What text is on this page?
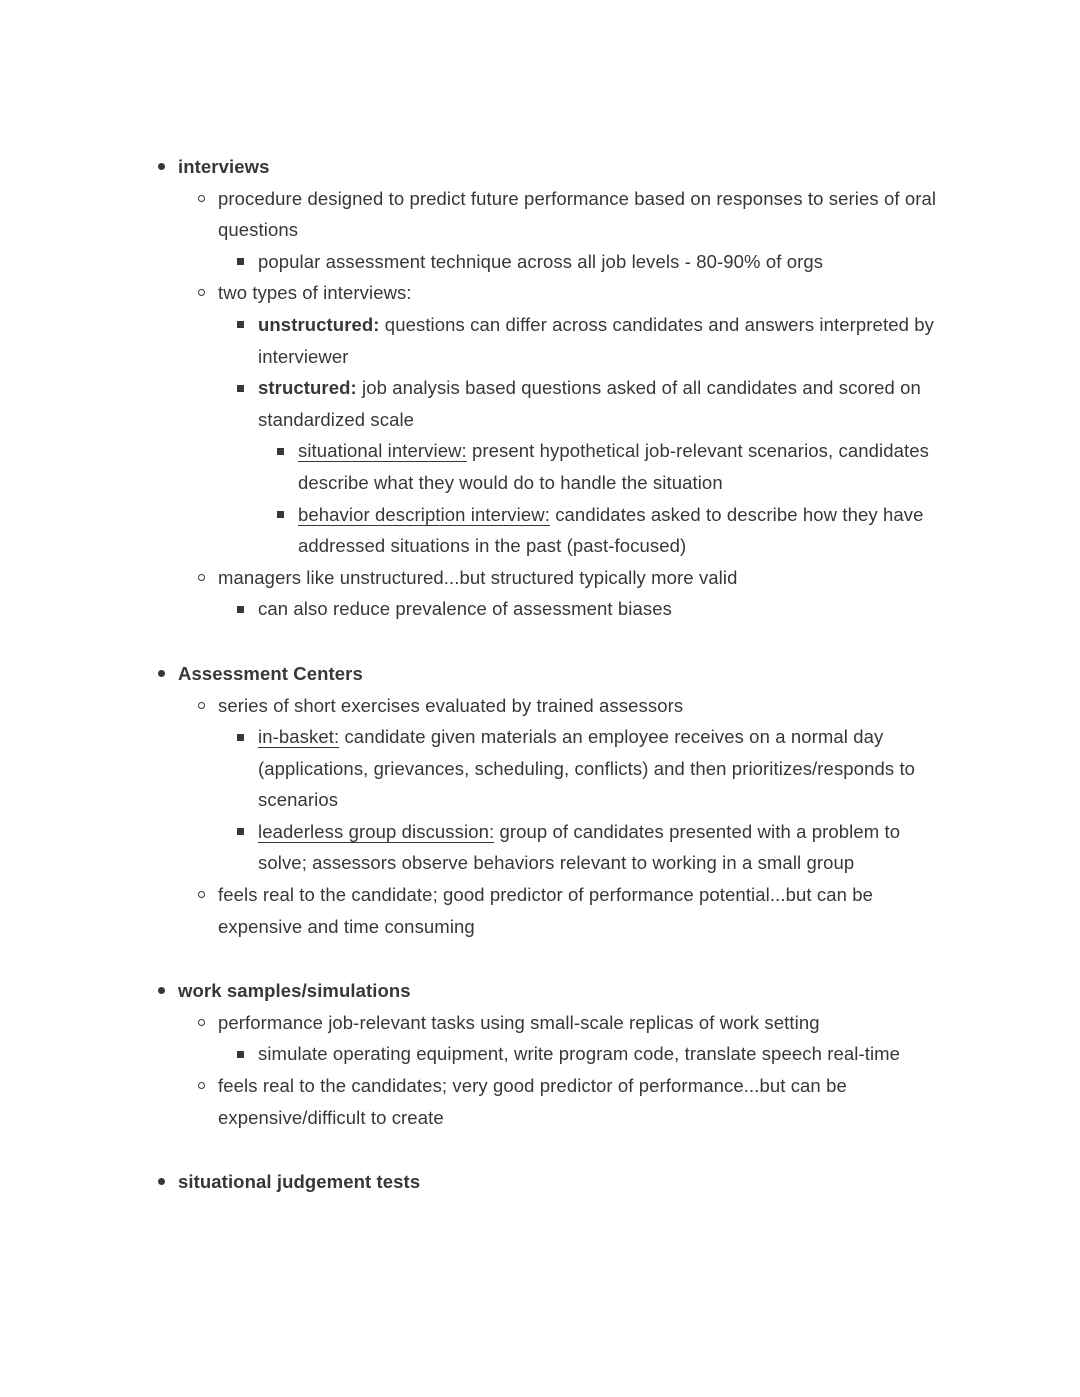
interviews
procedure designed to predict future performance based on responses to series of oral questions
popular assessment technique across all job levels - 80-90% of orgs
two types of interviews:
unstructured: questions can differ across candidates and answers interpreted by interviewer
structured: job analysis based questions asked of all candidates and scored on standardized scale
situational interview: present hypothetical job-relevant scenarios, candidates describe what they would do to handle the situation
behavior description interview: candidates asked to describe how they have addressed situations in the past (past-focused)
managers like unstructured...but structured typically more valid
can also reduce prevalence of assessment biases
Assessment Centers
series of short exercises evaluated by trained assessors
in-basket: candidate given materials an employee receives on a normal day (applications, grievances, scheduling, conflicts) and then prioritizes/responds to scenarios
leaderless group discussion: group of candidates presented with a problem to solve; assessors observe behaviors relevant to working in a small group
feels real to the candidate; good predictor of performance potential...but can be expensive and time consuming
work samples/simulations
performance job-relevant tasks using small-scale replicas of work setting
simulate operating equipment, write program code, translate speech real-time
feels real to the candidates; very good predictor of performance...but can be expensive/difficult to create
situational judgement tests
